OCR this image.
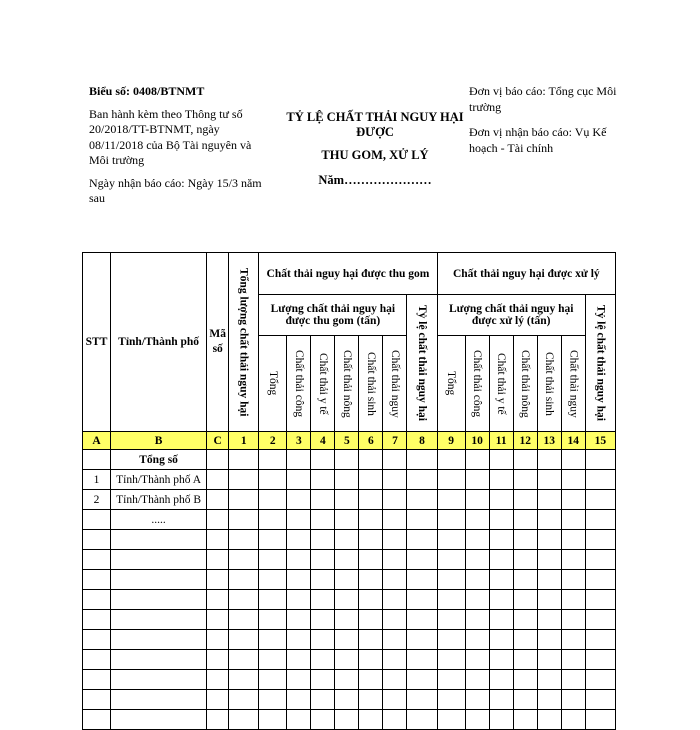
Biểu số: 0408/BTNMT
Ban hành kèm theo Thông tư số 20/2018/TT-BTNMT, ngày 08/11/2018 của Bộ Tài nguyên và Môi trường
Ngày nhận báo cáo: Ngày 15/3 năm sau
TỶ LỆ CHẤT THẢI NGUY HẠI ĐƯỢC
THU GOM, XỬ LÝ
Năm…………………
Đơn vị báo cáo: Tổng cục Môi trường
Đơn vị nhận báo cáo: Vụ Kế hoạch - Tài chính
STT	Tỉnh/Thành phố	Mã số	Tổng lượng chất thải nguy hại	Chất thải nguy hại được thu gom							Chất thải nguy hại được xử lý						
				Lượng chất thải nguy hại được thu gom (tấn)						Tỷ lệ chất thải nguy hại	Lượng chất thải nguy hại được xử lý (tấn)						Tỷ lệ chất thải nguy hại

				Tổng	Chất thải công	Chất thải y tế	Chất thải nông	Chất thải sinh	Chất thải nguy		Tổng	Chất thải công	Chất thải y tế	Chất thải nông	Chất thải sinh	Chất thải nguy	

A	B	C	1	2	3	4	5	6	7	8	9	10	11	12	13	14	15
	Tổng số																
1	Tỉnh/Thành phố A																
2	Tỉnh/Thành phố B																
	.....																
